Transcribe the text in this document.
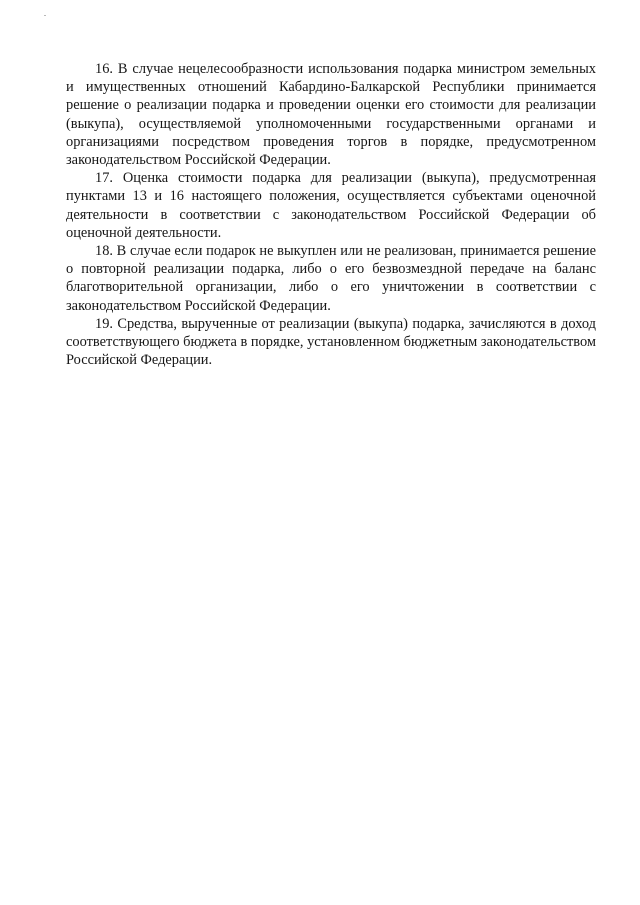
16. В случае нецелесообразности использования подарка министром земельных и имущественных отношений Кабардино-Балкарской Республики принимается решение о реализации подарка и проведении оценки его стоимости для реализации (выкупа), осуществляемой уполномоченными государственными органами и организациями посредством проведения торгов в порядке, предусмотренном законодательством Российской Федерации.

17. Оценка стоимости подарка для реализации (выкупа), предусмотренная пунктами 13 и 16 настоящего положения, осуществляется субъектами оценочной деятельности в соответствии с законодательством Российской Федерации об оценочной деятельности.

18. В случае если подарок не выкуплен или не реализован, принимается решение о повторной реализации подарка, либо о его безвозмездной передаче на баланс благотворительной организации, либо о его уничтожении в соответствии с законодательством Российской Федерации.

19. Средства, вырученные от реализации (выкупа) подарка, зачисляются в доход соответствующего бюджета в порядке, установленном бюджетным законодательством Российской Федерации.
